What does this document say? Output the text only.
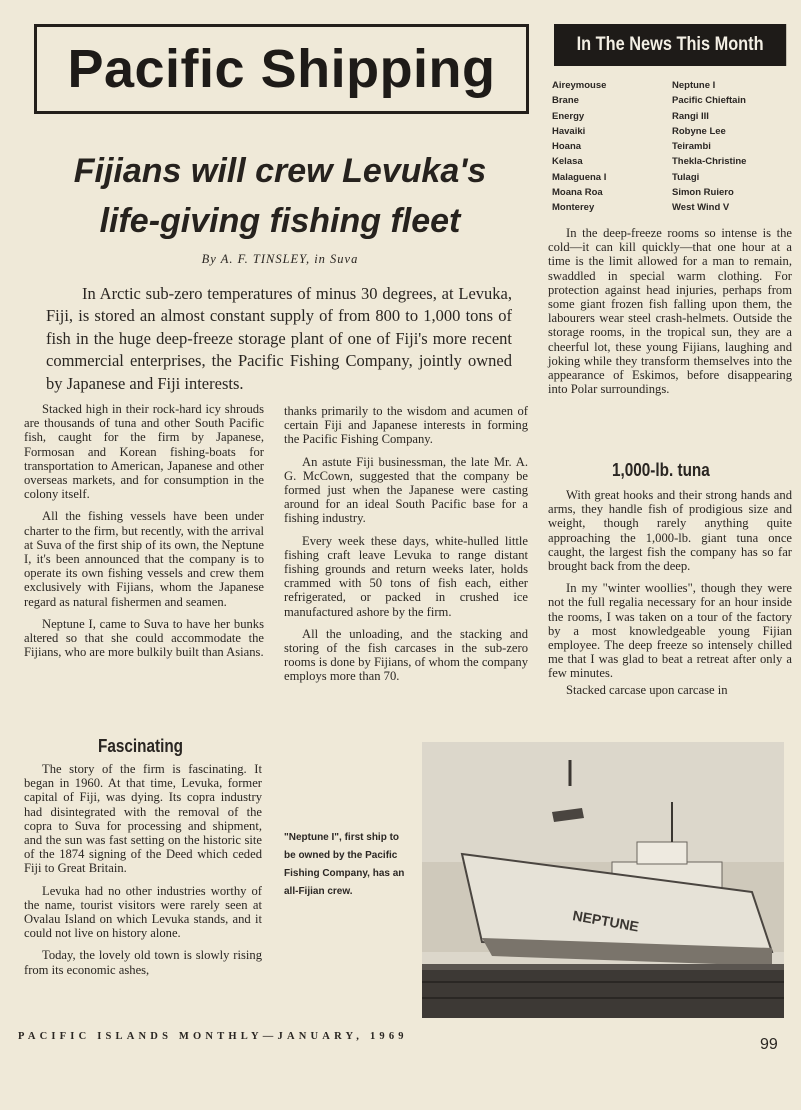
Pacific Shipping	In The News This Month
Aireymouse
Brane
Energy
Havaiki
Hoana
Kelasa
Malaguena I
Moana Roa
Monterey
Neptune I
Pacific Chieftain
Rangi III
Robyne Lee
Teirambi
Thekla-Christine
Tulagi
Simon Ruiero
West Wind V
Fijians will crew Levuka's
life-giving fishing fleet
By A. F. TINSLEY, in Suva
In Arctic sub-zero temperatures of minus 30 degrees, at Levuka, Fiji, is stored an almost constant supply of from 800 to 1,000 tons of fish in the huge deep-freeze storage plant of one of Fiji's more recent commercial enterprises, the Pacific Fishing Company, jointly owned by Japanese and Fiji interests.

Stacked high in their rock-hard icy shrouds are thousands of tuna and other South Pacific fish, caught for the firm by Japanese, Formosan and Korean fishing-boats for transportation to American, Japanese and other overseas markets, and for consumption in the colony itself.

All the fishing vessels have been under charter to the firm, but recently, with the arrival at Suva of the first ship of its own, the Neptune I, it's been announced that the company is to operate its own fishing vessels and crew them exclusively with Fijians, whom the Japanese regard as natural fishermen and seamen.

Neptune I, came to Suva to have her bunks altered so that she could accommodate the Fijians, who are more bulkily built than Asians.

Fascinating

The story of the firm is fascinating. It began in 1960. At that time, Levuka, former capital of Fiji, was dying. Its copra industry had disintegrated with the removal of the copra to Suva for processing and shipment, and the sun was fast setting on the historic site of the 1874 signing of the Deed which ceded Fiji to Great Britain.

Levuka had no other industries worthy of the name, tourist visitors were rarely seen at Ovalau Island on which Levuka stands, and it could not live on history alone.

Today, the lovely old town is slowly rising from its economic ashes,

thanks primarily to the wisdom and acumen of certain Fiji and Japanese interests in forming the Pacific Fishing Company.

An astute Fiji businessman, the late Mr. A. G. McCown, suggested that the company be formed just when the Japanese were casting around for an ideal South Pacific base for a fishing industry.

Every week these days, white-hulled little fishing craft leave Levuka to range distant fishing grounds and return weeks later, holds crammed with 50 tons of fish each, either refrigerated, or packed in crushed ice manufactured ashore by the firm.

All the unloading, and the stacking and storing of the fish carcases in the sub-zero rooms is done by Fijians, of whom the company employs more than 70.

In the deep-freeze rooms so intense is the cold—it can kill quickly—that one hour at a time is the limit allowed for a man to remain, swaddled in special warm clothing. For protection against head injuries, perhaps from some giant frozen fish falling upon them, the labourers wear steel crash-helmets. Outside the storage rooms, in the tropical sun, they are a cheerful lot, these young Fijians, laughing and joking while they transform themselves into the appearance of Eskimos, before disappearing into Polar surroundings.

1,000-lb. tuna

With great hooks and their strong hands and arms, they handle fish of prodigious size and weight, though rarely anything quite approaching the 1,000-lb. giant tuna once caught, the largest fish the company has so far brought back from the deep.

In my "winter woollies", though they were not the full regalia necessary for an hour inside the rooms, I was taken on a tour of the factory by a most knowledgeable young Fijian employee. The deep freeze so intensely chilled me that I was glad to beat a retreat after only a few minutes.

Stacked carcase upon carcase in

"Neptune I", first ship to be owned by the Pacific Fishing Company, has an all-Fijian crew.
NEPTUNE
PACIFIC ISLANDS MONTHLY—JANUARY, 1969	99
